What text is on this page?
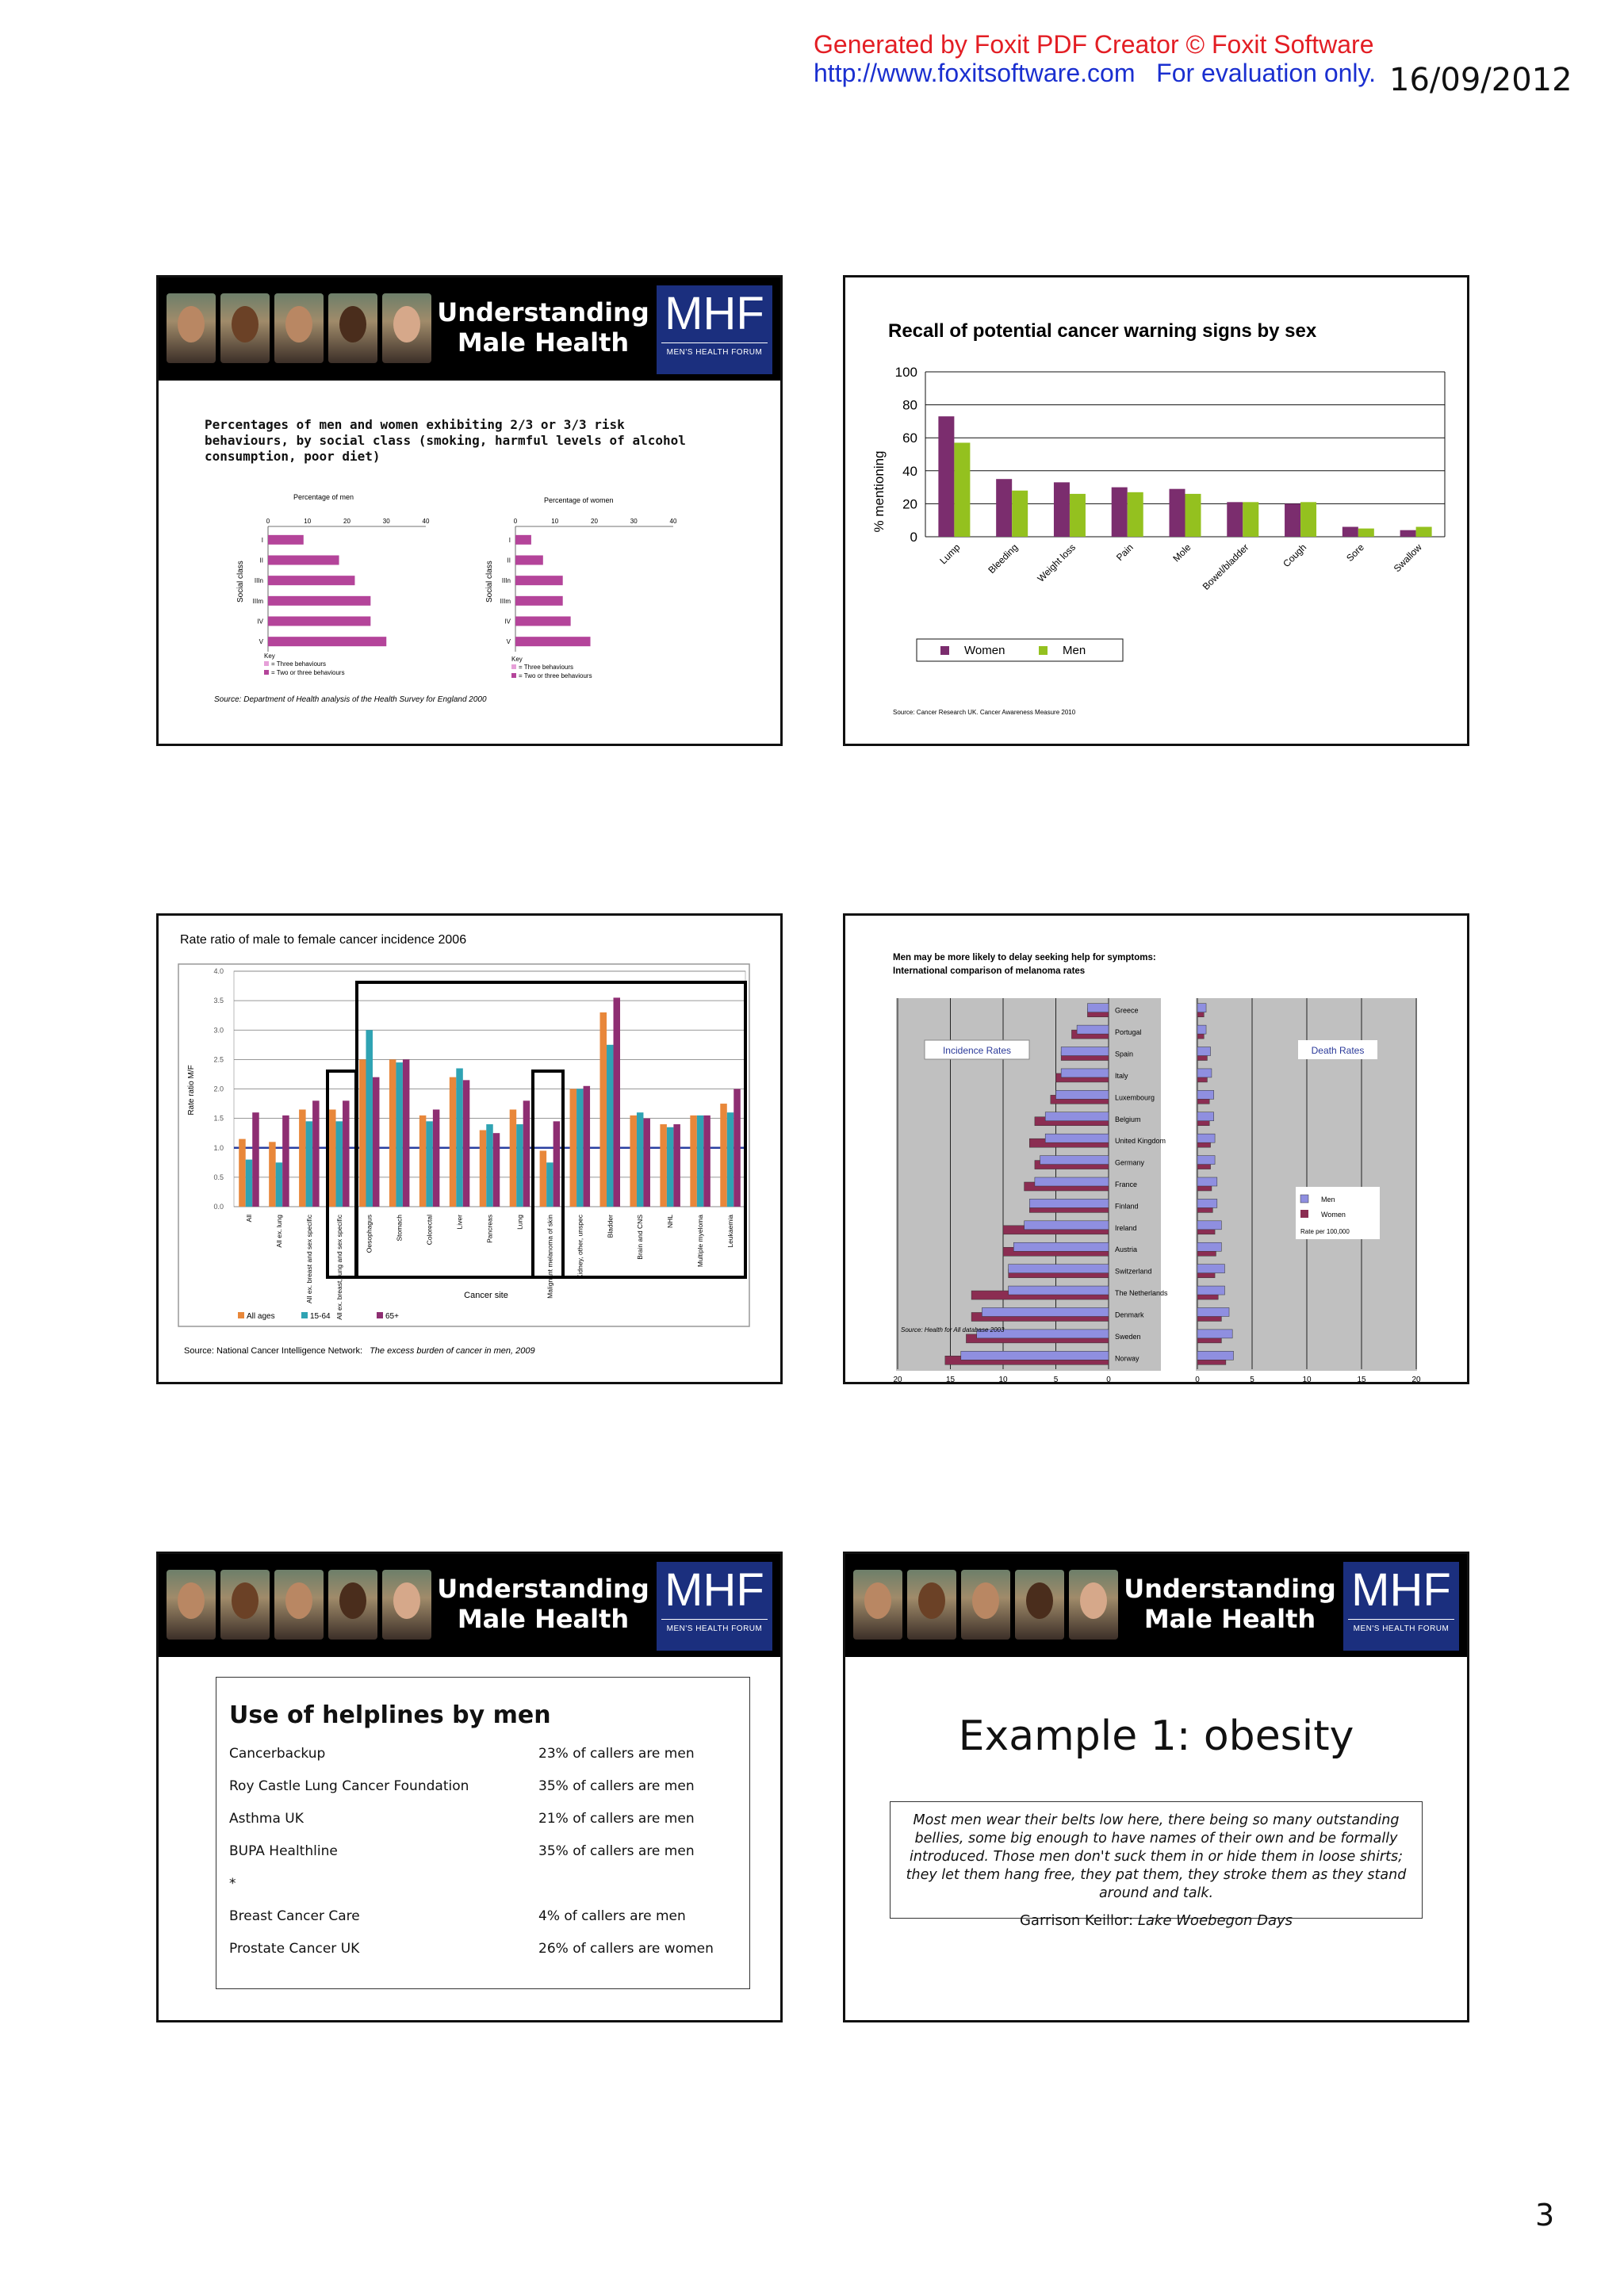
Generated by Foxit PDF Creator © Foxit Software
http://www.foxitsoftware.com For evaluation only. 16/09/2012
3
Understanding
Male Health
MHF
MEN'S HEALTH FORUM
Percentages of men and women exhibiting 2/3 or 3/3 risk behaviours, by social class (smoking, harmful levels of alcohol consumption, poor diet)
Percentage of men	Percentage of women
Social class	Social class
0	10	20	30	40
I
II
IIIn
IIIm
IV
V
0	10	20	30	40
I
II
IIIn
IIIm
IV
V
Key
= Three behaviours
= Two or three behaviours
Key
= Three behaviours
= Two or three behaviours
Source: Department of Health analysis of the Health Survey for England 2000
Recall of potential cancer warning signs by sex
% mentioning
0
20
40
60
80
100
Lump Bleeding Weight loss	Pain	Mole Bowel/bladder	Cough	Sore	Swallow
Women	Men
Source: Cancer Research UK. Cancer Awareness Measure 2010
Rate ratio of male to female cancer incidence 2006
Rate ratio M/F
0.0
0.5
1.0
1.5
2.0
2.5
3.0
3.5
4.0
All	All ex. lung	All ex. breast and sex specific	All ex. breast, lung and sex specific	Oesophagus	Stomach	Colorectal	Liver	Pancreas	Lung	Malignant melanoma of skin	Kidney, other, unspec	Bladder	Brain and CNS	NHL	Multiple myeloma	Leukaemia
Cancer site
All ages	15-64	65+
Source: National Cancer Intelligence Network: The excess burden of cancer in men, 2009
Men may be more likely to delay seeking help for symptoms:
International comparison of melanoma rates
20	15	10	5	0	0	5	10	15	20
Greece
Portugal
Spain
Italy
Luxembourg
Belgium
United Kingdom
Germany
France
Finland
Ireland
Austria
Switzerland
The Netherlands
Denmark
Sweden
Norway
Incidence Rates	Death Rates
Men
Women
Rate per 100,000
Source: Health for All database 2003
Understanding
Male Health
MHF
MEN'S HEALTH FORUM
Use of helplines by men
Cancerbackup	23% of callers are men
Roy Castle Lung Cancer Foundation	35% of callers are men
Asthma UK	21% of callers are men
BUPA Healthline	35% of callers are men
*
Breast Cancer Care	4% of callers are men
Prostate Cancer UK	26% of callers are women
Understanding
Male Health
MHF
MEN'S HEALTH FORUM
Example 1: obesity
Most men wear their belts low here, there being so many outstanding bellies, some big enough to have names of their own and be formally introduced. Those men don't suck them in or hide them in loose shirts; they let them hang free, they pat them, they stroke them as they stand around and talk.
Garrison Keillor: Lake Woebegon Days
